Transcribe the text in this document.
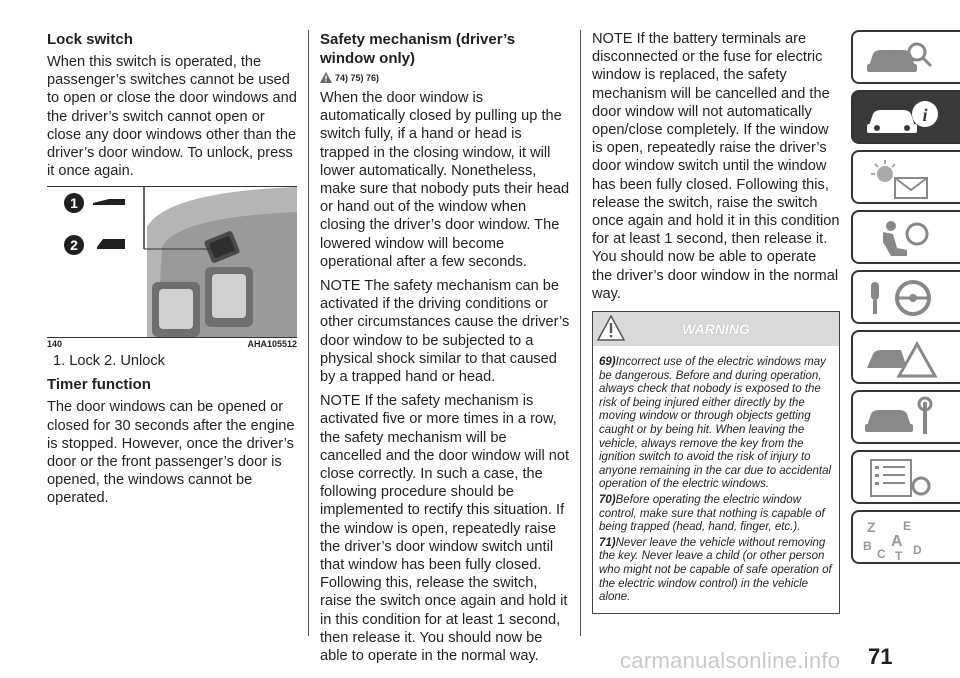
Lock switch

When this switch is operated, the passenger’s switches cannot be used to open or close the door windows and the driver’s switch cannot open or close any door windows other than the driver’s door window. To unlock, press it once again.

1
2
140	AHA105512
1. Lock 2. Unlock
Timer function

The door windows can be opened or closed for 30 seconds after the engine is stopped. However, once the driver’s door or the front passenger’s door is opened, the windows cannot be operated.

Safety mechanism (driver’s window only)
74) 75) 76)

When the door window is automatically closed by pulling up the switch fully, if a hand or head is trapped in the closing window, it will lower automatically. Nonetheless, make sure that nobody puts their head or hand out of the window when closing the driver’s door window. The lowered window will become operational after a few seconds.

NOTE The safety mechanism can be activated if the driving conditions or other circumstances cause the driver’s door window to be subjected to a physical shock similar to that caused by a trapped hand or head.

NOTE If the safety mechanism is activated five or more times in a row, the safety mechanism will be cancelled and the door window will not close correctly. In such a case, the following procedure should be implemented to rectify this situation. If the window is open, repeatedly raise the driver’s door window switch until that window has been fully closed. Following this, release the switch, raise the switch once again and hold it in this condition for at least 1 second, then release it. You should now be able to operate in the normal way.

NOTE If the battery terminals are disconnected or the fuse for electric window is replaced, the safety mechanism will be cancelled and the door window will not automatically open/close completely. If the window is open, repeatedly raise the driver’s door window switch until the window has been fully closed. Following this, release the switch, raise the switch once again and hold it in this condition for at least 1 second, then release it. You should now be able to operate the driver’s door window in the normal way.

WARNING
69)Incorrect use of the electric windows may be dangerous. Before and during operation, always check that nobody is exposed to the risk of being injured either directly by the moving window or through objects getting caught or by being hit. When leaving the vehicle, always remove the key from the ignition switch to avoid the risk of injury to anyone remaining in the car due to accidental operation of the electric windows.
70)Before operating the electric window control, make sure that nothing is capable of being trapped (head, hand, finger, etc.).
71)Never leave the vehicle without removing the key. Never leave a child (or other person who might not be capable of safe operation of the electric window control) in the vehicle alone.
i
Z E
A
B
C D
T
71
carmanualsonline.info
